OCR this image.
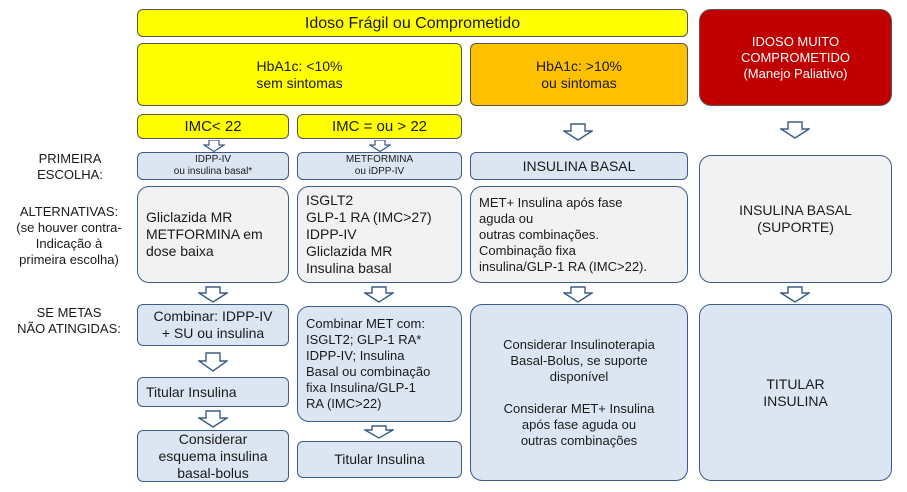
Idoso Frágil ou Comprometido
IDOSO MUITO
COMPROMETIDO
(Manejo Paliativo)
HbA1c: <10%
sem sintomas
HbA1c: >10%
ou sintomas
IMC< 22	IMC = ou > 22
PRIMEIRA
ESCOLHA:
ALTERNATIVAS:
(se houver contra-
Indicação à
primeira escolha)
SE METAS
NÃO ATINGIDAS:
IDPP-IV
ou insulina basal*
METFORMINA
ou iDPP-IV	INSULINA BASAL
Gliclazida MR
METFORMINA em
dose baixa
ISGLT2
GLP-1 RA (IMC>27)
IDPP-IV
Gliclazida MR
Insulina basal
MET+ Insulina após fase
aguda ou
outras combinações.
Combinação fixa
insulina/GLP-1 RA (IMC>22).
INSULINA BASAL
(SUPORTE)
Combinar: IDPP-IV
+ SU ou insulina
Titular Insulina
Considerar
esquema insulina
basal-bolus
Combinar MET com:
ISGLT2; GLP-1 RA*
IDPP-IV; Insulina
Basal ou combinação
fixa Insulina/GLP-1
RA (IMC>22)
Titular Insulina
Considerar Insulinoterapia
Basal-Bolus, se suporte
disponível
Considerar MET+ Insulina
após fase aguda ou
outras combinações
TITULAR
INSULINA
